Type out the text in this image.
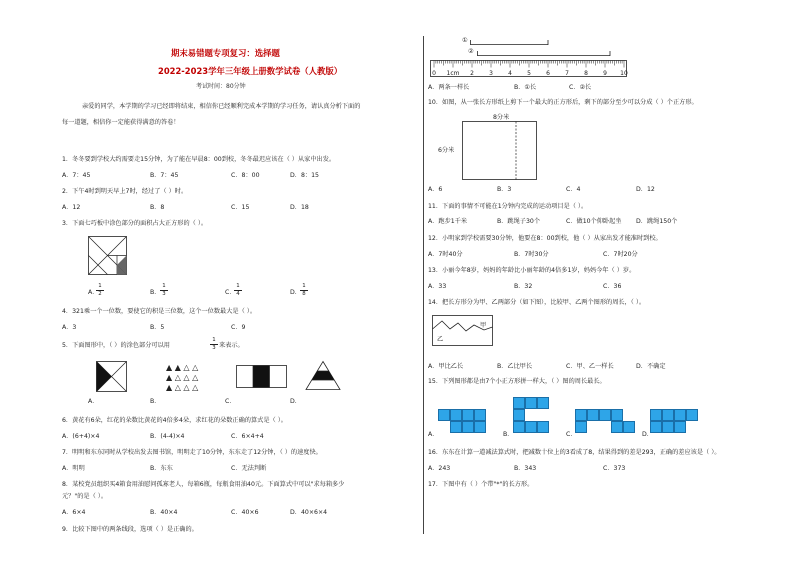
期末易错题专项复习：选择题
2022-2023学年三年级上册数学试卷（人教版）
考试时间：80分钟
亲爱的同学，本学期的学习已经即将结束，相信你已经顺利完成本学期的学习任务，请认真分析下面的
每一道题，相信你一定能获得满意的答卷！
1．冬冬要到学校大约需要走15分钟，为了能在早晨8：00到校，冬冬最迟应该在（ ）从家中出发。
A．7：45	B．7：45	C．8：00	D．8：15
2．下午4时到明天早上7时，经过了（ ）时。
A．12	B．8	C．15	D．18
3．下面七巧板中涂色部分的面积占大正方形的（ ）。
A．
1
2	B．
1
3	C．
1
4	D．
1
8
4．321乘一个一位数，要使它的积是三位数，这个一位数最大是（ ）。
A．3	B．5	C．9
5．下面图形中，（ ）的涂色部分可以用
1
3 来表示。
▲ ▲ △ △
▲ △ △ △
▲ △ △ △
A．	B．	C．	D．
6．黄花有6朵，红花的朵数比黄花的4倍多4朵，求红花的朵数正确的算式是（ ）。
A．(6+4)×4	B．(4-4)×4	C．6×4+4
7．明明和东东同时从学校出发去图书馆，明明走了10分钟，东东走了12分钟，（ ）的速度快。
A．明明	B．东东	C．无法判断
8．某校党员组织买4箱食用油慰问孤寡老人，每箱6瓶，每瓶食用油40元。下面算式中可以"求每箱多少
元？"的是（ ）。
A．6×4	B．40×4	C．40×6	D．40×6×4
9．比较下图中的两条线段，选项（ ）是正确的。
①
②
0 1cm 2	3	4	5	6	7	8	9 10
A．两条一样长	B．①长	C．②长
10．如图，从一张长方形纸上剪下一个最大的正方形后，剩下的部分至少可以分成（ ）个正方形。
8分米
6分米
A．6	B．3	C．4	D．12
11．下面的事情不可能在1分钟内完成的运动项目是（ ）。
A．跑步1千米	B．跳绳子30个	C．做10个仰卧起坐 D．跳绳150个
12．小明家到学校需要30分钟，他要在8：00到校，他（ ）从家出发才能准时到校。
A．7时40分	B．7时30分	C．7时20分
13．小丽今年8岁，妈妈的年龄比小丽年龄的4倍多1岁，妈妈今年（ ）岁。
A．33	B．32	C．36
14．把长方形分为甲、乙两部分（如下图），比较甲、乙两个图形的周长，（ ）。
甲
乙
A．甲比乙长	B．乙比甲长	C．甲、乙一样长	D．不确定
15．下列图形都是由7个小正方形拼一样大，（ ）图的周长最长。
A．	B．	C．	D．
16．东东在计算一道减法算式时，把减数十位上的3看成了8，结果得到的差是293，正确的差应该是（ ）。
A．243	B．343	C．373
17．下图中有（ ）个带"*"的长方形。
